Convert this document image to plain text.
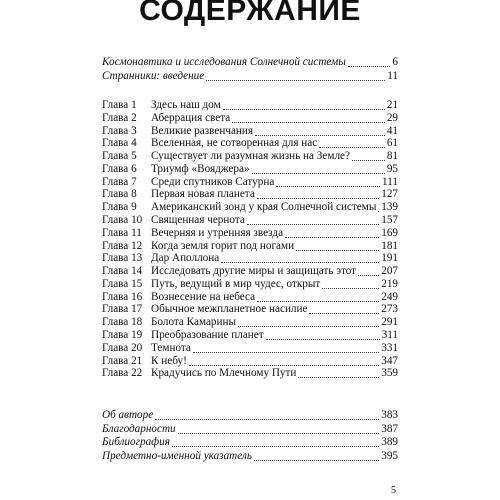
СОДЕРЖАНИЕ
Космонавтика и исследования Солнечной системы	6
Странники: введение	11
Глава 1 Здесь наш дом	21
Глава 2 Аберрация света	29
Глава 3 Великие развенчания	41
Глава 4 Вселенная, не сотворенная для нас	61
Глава 5 Существует ли разумная жизнь на Земле?	81
Глава 6 Триумф «Вояджера»	95
Глава 7 Среди спутников Сатурна	111
Глава 8 Первая новая планета	127
Глава 9 Американский зонд у края Солнечной системы 139
Глава 10 Священная чернота	157
Глава 11 Вечерняя и утренняя звезда	169
Глава 12 Когда земля горит под ногами	181
Глава 13 Дар Аполлона	191
Глава 14 Исследовать другие миры и защищать этот 207
Глава 15 Путь, ведущий в мир чудес, открыт	219
Глава 16 Вознесение на небеса	249
Глава 17 Обычное межпланетное насилие	273
Глава 18 Болота Камарины	291
Глава 19 Преобразование планет	311
Глава 20 Темнота	331
Глава 21 К небу!	347
Глава 22 Крадучись по Млечному Пути	359
Об авторе	383
Благодарности	387
Библиография	389
Предметно-именной указатель	395
5
